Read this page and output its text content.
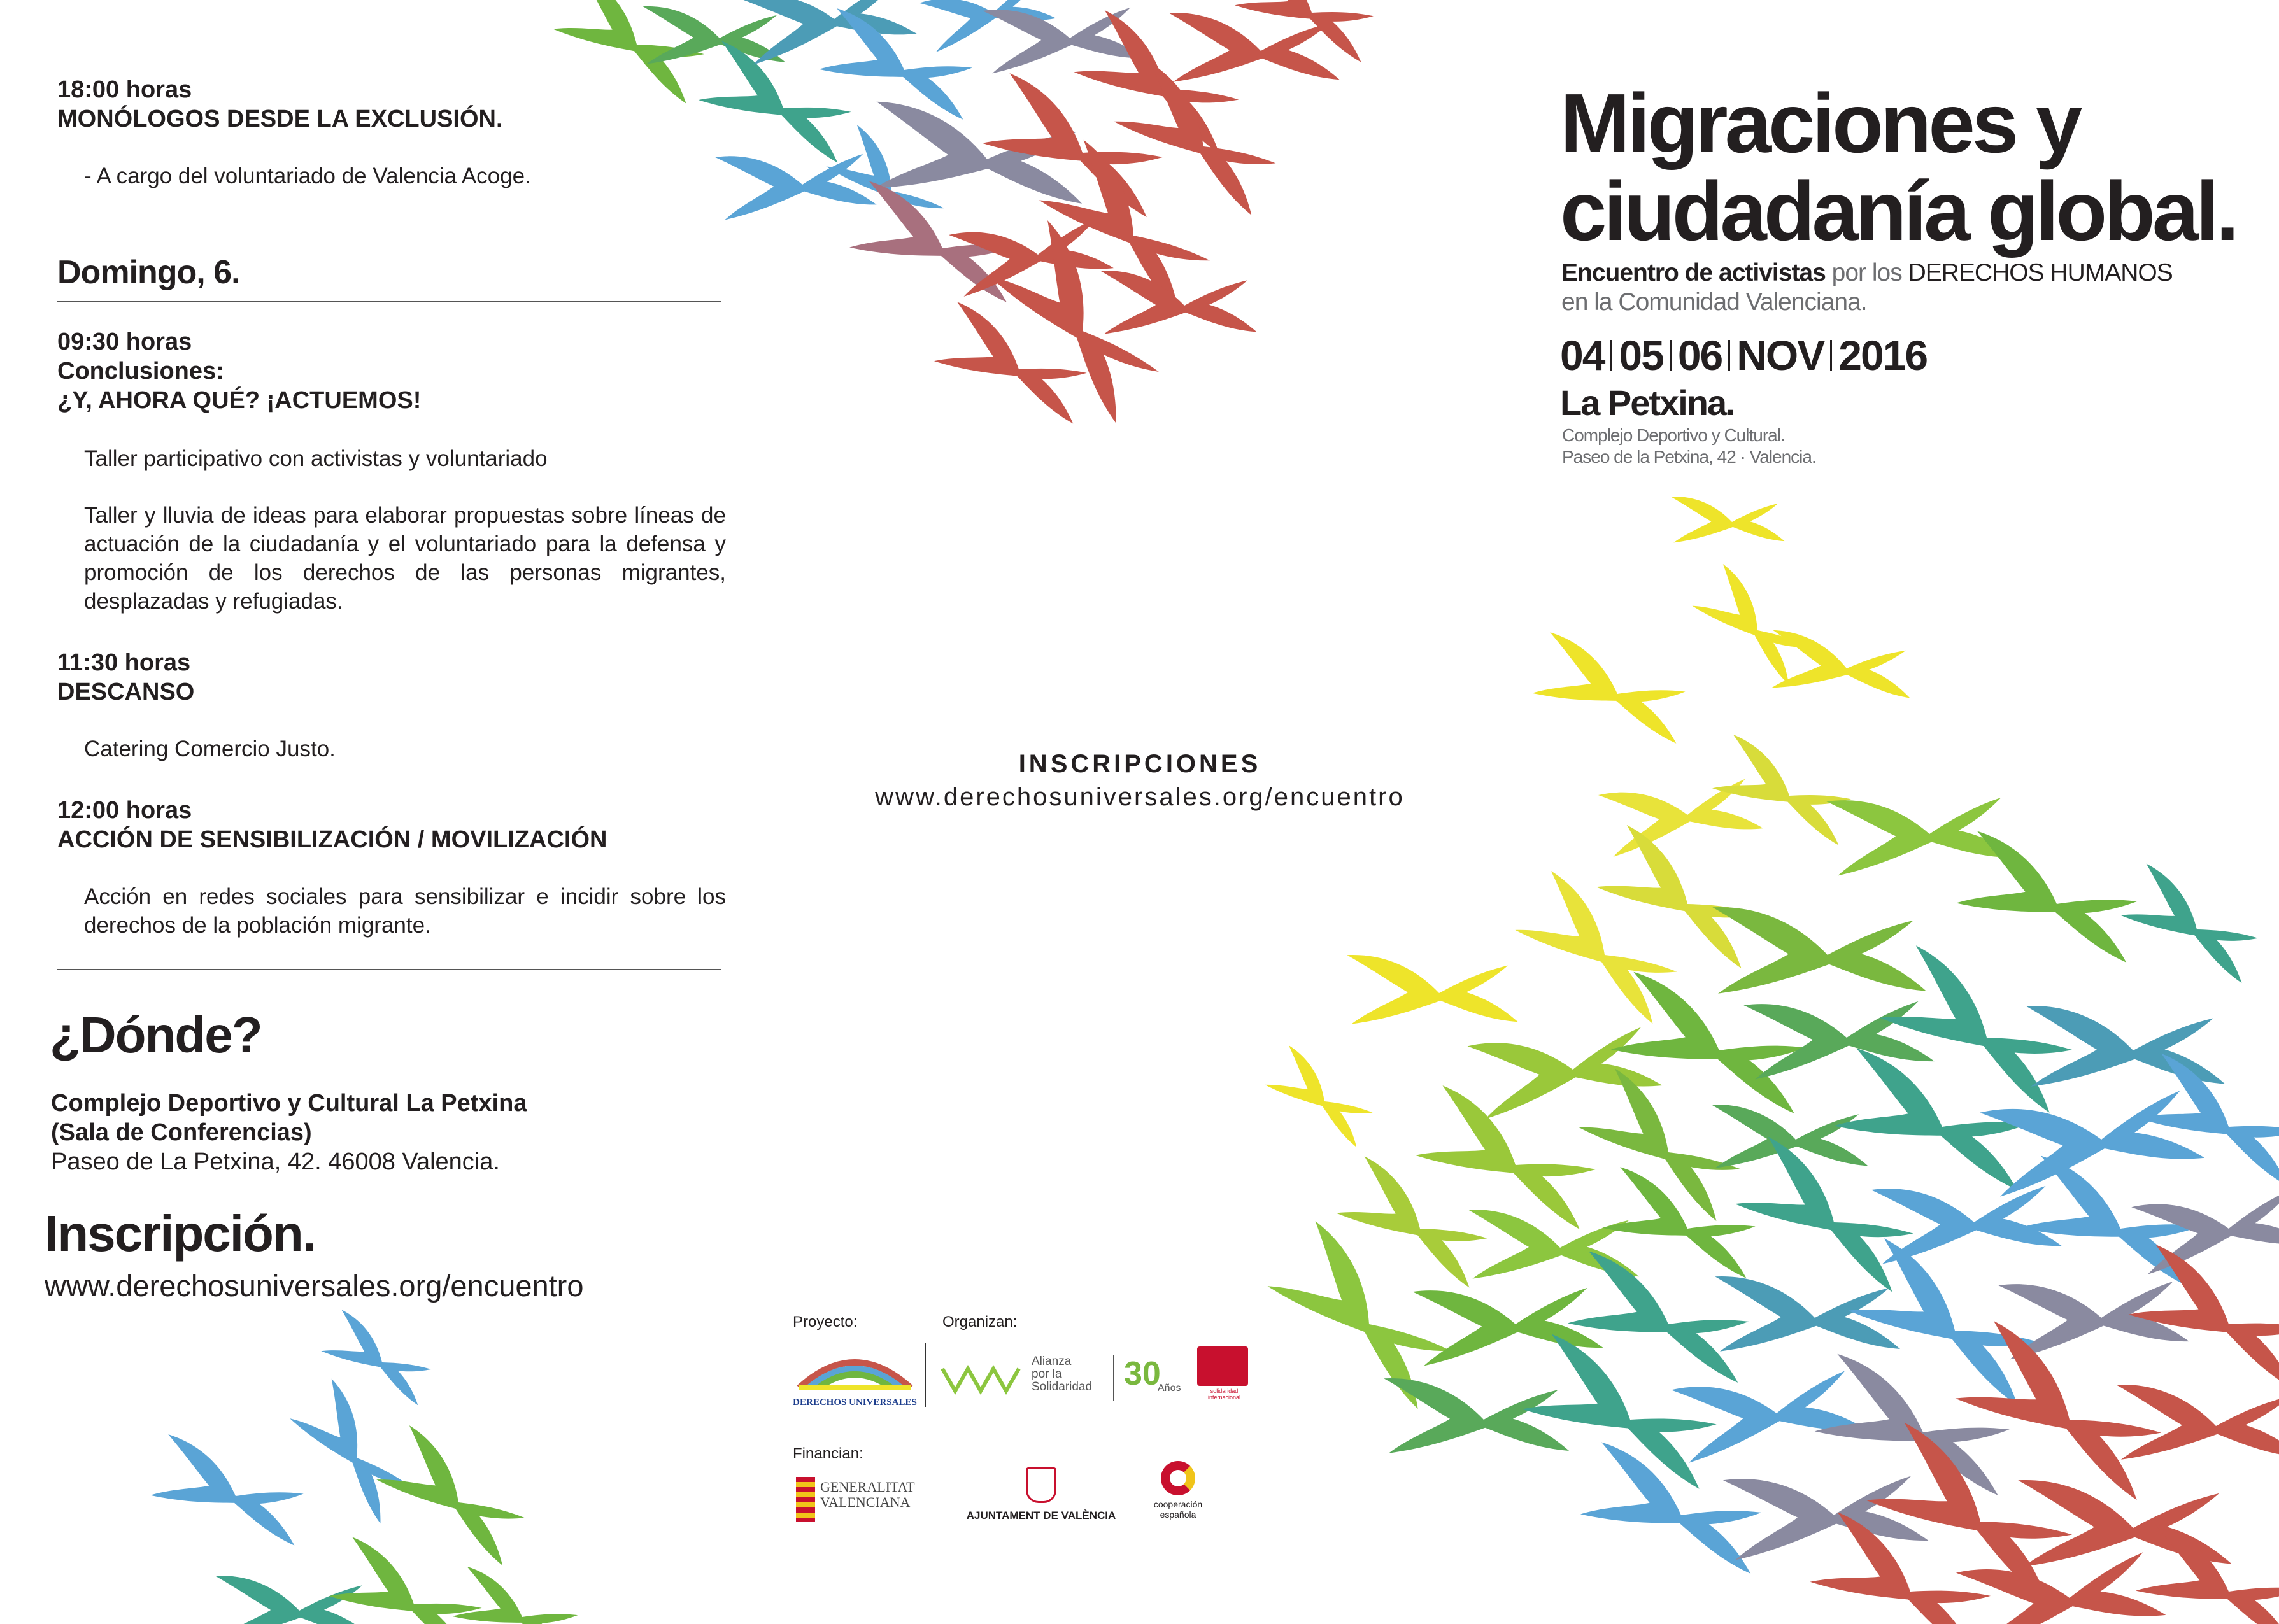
18:00 horas
MONÓLOGOS DESDE LA EXCLUSIÓN.
- A cargo del voluntariado de Valencia Acoge.
Domingo, 6.
09:30 horas
Conclusiones:
¿Y, AHORA QUÉ? ¡ACTUEMOS!
Taller participativo con activistas y voluntariado
Taller y lluvia de ideas para elaborar propuestas sobre líneas de actuación de la ciudadanía y el voluntariado para la defensa y promoción de los derechos de las personas migrantes, desplazadas y refugiadas.
11:30 horas
DESCANSO
Catering Comercio Justo.
12:00 horas
ACCIÓN DE SENSIBILIZACIÓN / MOVILIZACIÓN
Acción en redes sociales para sensibilizar e incidir sobre los derechos de la población migrante.
¿Dónde?
Complejo Deportivo y Cultural La Petxina
(Sala de Conferencias)
Paseo de La Petxina, 42. 46008 Valencia.
Inscripción.
www.derechosuniversales.org/encuentro
INSCRIPCIONES
www.derechosuniversales.org/encuentro
Proyecto:	Organizan:
DERECHOS UNIVERSALES
Alianza
por la
Solidaridad 30
Años	solidaridad internacional
Financian:
GENERALITAT
VALENCIANA
AJUNTAMENT DE VALÈNCIA
cooperación
española
Migraciones y
ciudadanía global.
Encuentro de activistas por los DERECHOS HUMANOS
en la Comunidad Valenciana.
04 05 06 NOV 2016
La Petxina.
Complejo Deportivo y Cultural.
Paseo de la Petxina, 42 · Valencia.
